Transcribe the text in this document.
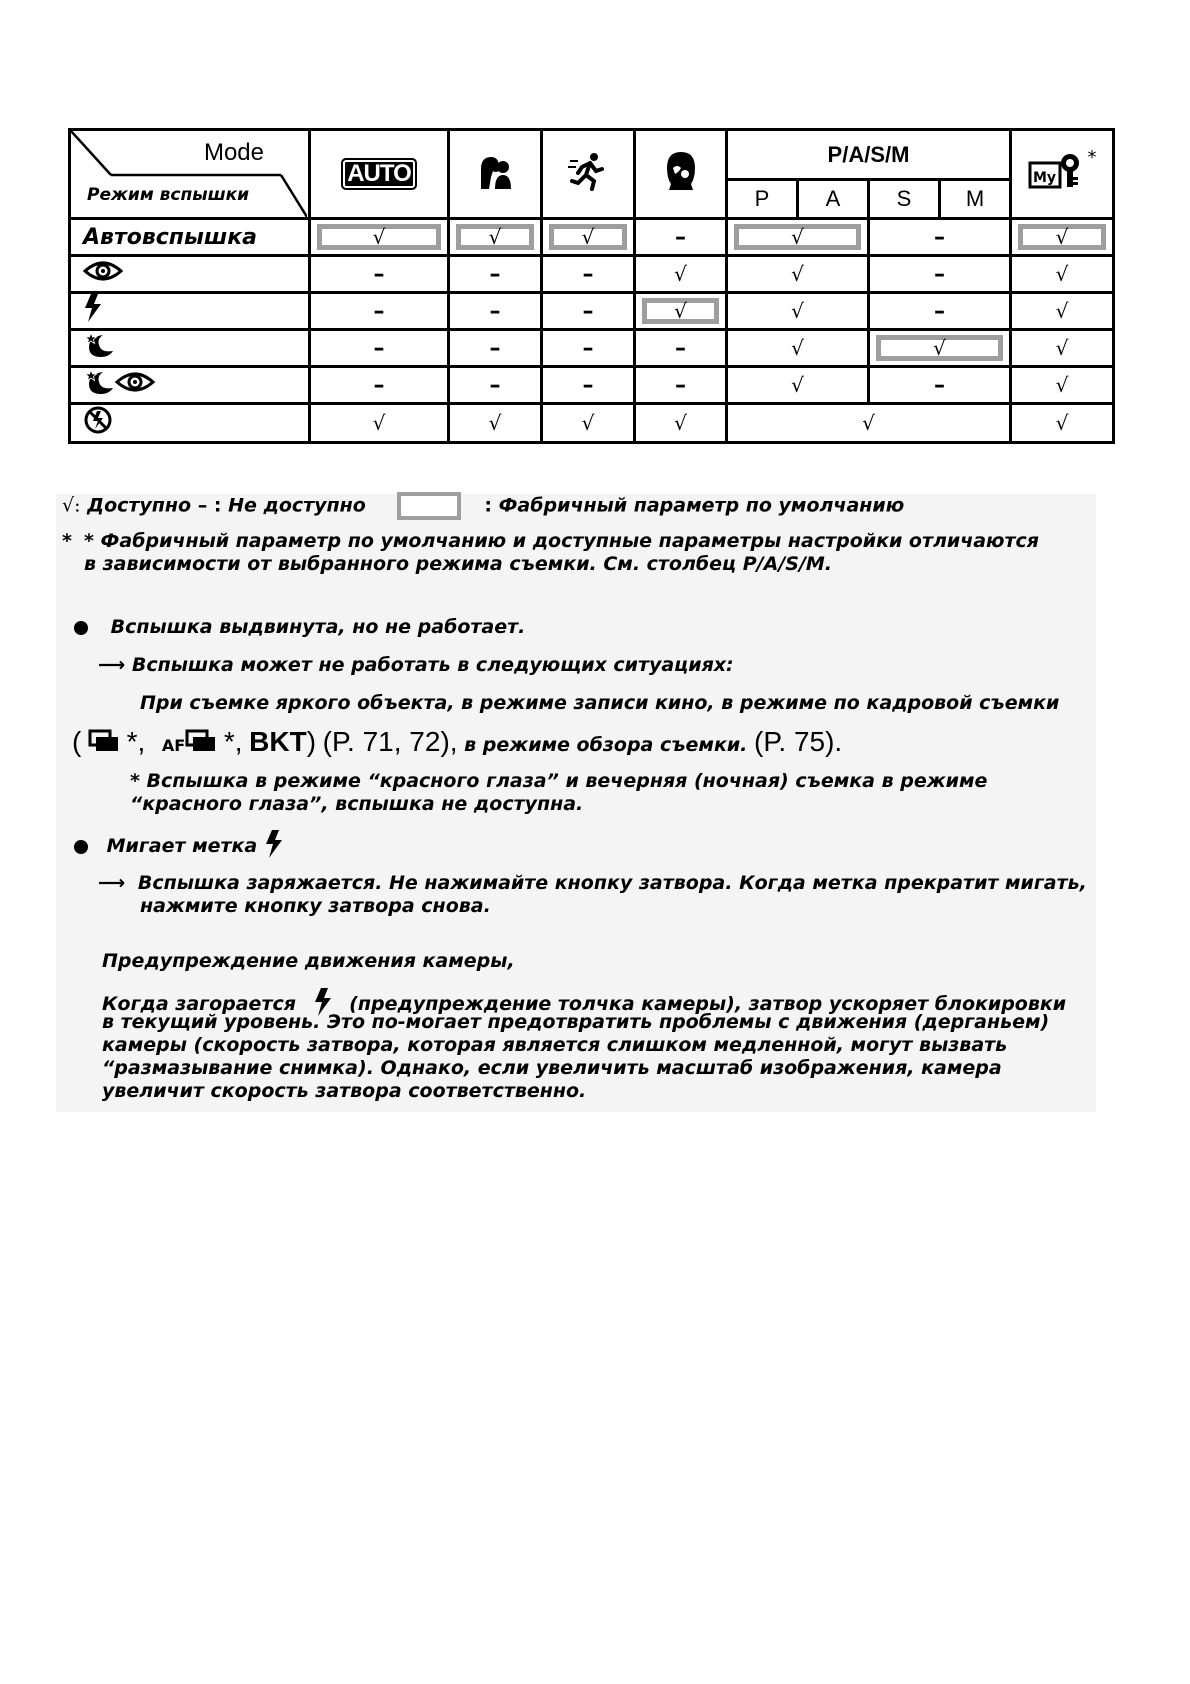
Mode
Режим вспышки	AUTO				P/A/S/M				My
*

					P	A	S	M	
Автовспышка	√	√	√	–	√		–		√

	–	–	–	√	√		–		√
	–	–	–	√	√		–		√
	–	–	–	–	√		√		√
	–	–	–	–	√		–		√
	√	√	√	√	√				√
√: Доступно – : Не доступно	: Фабричный параметр по умолчанию
* * Фабричный параметр по умолчанию и доступные параметры настройки отличаются
в зависимости от выбранного режима съемки. См. столбец P/A/S/M.
Вспышка выдвинута, но не работает.
⟶ Вспышка может не работать в следующих ситуациях:
При съемке яркого объекта, в режиме записи кино, в режиме по кадровой съемки
( *, AF *, BKT) (P. 71, 72), в режиме обзора съемки. (P. 75).
* Вспышка в режиме “красного глаза” и вечерняя (ночная) съемка в режиме
“красного глаза”, вспышка не доступна.
Мигает метка
⟶ Вспышка заряжается. Не нажимайте кнопку затвора. Когда метка прекратит мигать,
нажмите кнопку затвора снова.
Предупреждение движения камеры,
Когда загорается	(предупреждение толчка камеры), затвор ускоряет блокировки
в текущий уровень. Это по-могает предотвратить проблемы с движения (дерганьем)
камеры (скорость затвора, которая является слишком медленной, могут вызвать
“размазывание снимка). Однако, если увеличить масштаб изображения, камера
увеличит скорость затвора соответственно.
